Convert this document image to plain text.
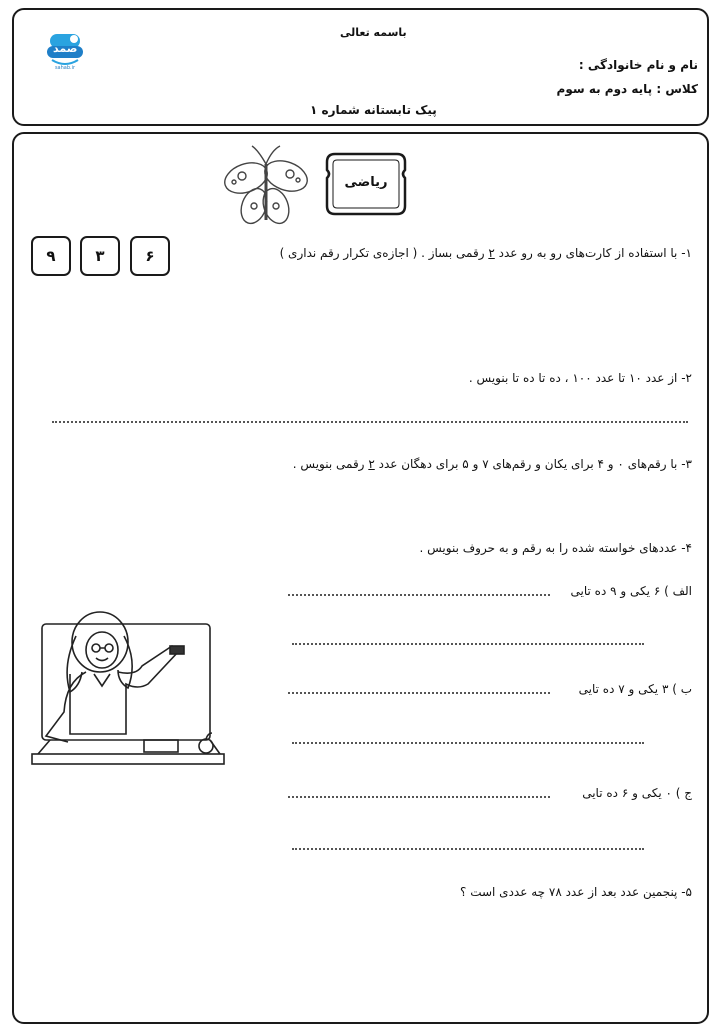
باسمه تعالی
صمد
sahab.ir	نام و نام خانوادگی :
کلاس : پایه دوم به سوم
پیک تابستانه شماره ۱
ریاضی
۶
۳
۹	۱- با استفاده از کارت‌های رو به رو عدد ۲ رقمی بساز . ( اجازه‌ی تکرار رقم نداری )
۲- از عدد ۱۰ تا عدد ۱۰۰ ، ده تا ده تا بنویس .
۳- با رقم‌های ۰ و ۴ برای یکان و رقم‌های ۷ و ۵ برای دهگان عدد ۲ رقمی بنویس .
۴- عددهای خواسته شده را به رقم و به حروف بنویس .
الف ) ۶ یکی و ۹ ده تایی
ب ) ۳ یکی و ۷ ده تایی
ج ) ۰ یکی و ۶ ده تایی
۵- پنجمین عدد بعد از عدد ۷۸ چه عددی است ؟
